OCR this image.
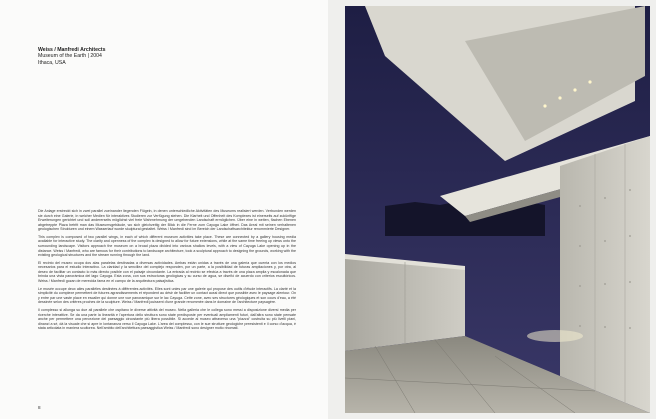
Weiss / Manfredi Architects
Museum of the Earth | 2004
Ithaca, USA

Die Anlage erstreckt sich in zwei parallel zueinander liegenden Flügeln, in denen unterschiedliche Aktivitäten des Museums realisiert werden. Verbunden werden sie durch eine Galerie, in welcher Medien für interaktives Studieren zur Verfügung stehen. Die Klarheit und Offenheit des Komplexes ist einerseits auf zukünftige Erweiterungen gerichtet und soll andererseits möglichst viel freie Wahrnehmung der umgebenden Landschaft ermöglichen. Über eine in weiten, flachen Ebenen abgetreppte Plaza betritt man das Museumsgebäude, wo sich gleichzeitig der Blick in die Ferne zum Cayuga Lake öffnet. Das Areal mit seinen verhaltenen geologischen Strukturen und einem Wasserlauf wurde skulptural gestaltet. Weiss / Manfredi sind im Bereich der Landschaftsarchitektur renommierte Designer.

This complex is composed of two parallel wings, in each of which different museum activities take place. These are connected by a gallery housing media available for interactive study. The clarity and openness of the complex is designed to allow for future extensions, while at the same time freeing up views onto the surrounding landscape. Visitors approach the museum on a broad plaza divided into various shallow levels, with a view of Cayuga Lake opening up in the distance. Weiss / Manfredi, who are famous for their contributions to landscape architecture, took a sculptural approach to designing the grounds, working with the existing geological structures and the stream running through the land.

El recinto del museo ocupa dos alas paralelas destinadas a diversas actividades. Ambas están unidas a través de una galería que cuenta con los medios necesarios para el estudio interactivo. La claridad y la sencillez del complejo responden, por un parte, a la posibilidad de futuras ampliaciones y, por otra, al deseo de facilitar un contacto lo más directo posible con el paisaje circundante. La entrada al recinto se efectúa a través de una plaza amplia y escalonada que brinda una vista panorámica del lago Cayuga. Esta zona, con sus estructuras geológicas y su curso de agua, se diseñó de acuerdo con criterios escultóricos. Weiss / Manfredi gozan de merecida fama en el campo de la arquitectura paisajística.

Le musée occupe deux ailes parallèles destinées à différentes activités. Elles sont unies par une galerie qui propose des outils d'étude interactifs. La clarté et la simplicité du complexe permettent de futures agrandissements et répondent au désir de faciliter un contact aussi direct que possible avec le paysage alentour. On y entre par une vaste place en escalier qui donne une vue panoramique sur le lac Cayuga. Cette zone, avec ses structures géologiques et son cours d'eau, a été dessinée selon des critères proches de la sculpture. Weiss / Manfredi jouissent d'une grande renommée dans le domaine de l'architecture paysagère.

Il complesso si allunga su due ali parallele che ospitano le diverse attività del museo. Nella galleria che le collega sono messi a disposizione diversi media per ricerche interattive. Se da una parte la linearità e l'apertura dello struttura sono state predisposte per eventuali ampliamenti futuri, dall'altra sono state pensate anche per permettere una percezione del paesaggio circostante più libera possibile. Si accede al museo attraverso una "piazza" costruita su più livelli piani, dinanzi a sé, dà la visuale che si apre in lontananza verso il Cayuga Lake. L'area del complesso, con le sue strutture geologiche preesistenti e il corso d'acqua, è stata articolata in maniera scultorea. Nell'ambito dell'architettura paesaggistica Weiss / Manfredi sono designer molto rinomati.

8
